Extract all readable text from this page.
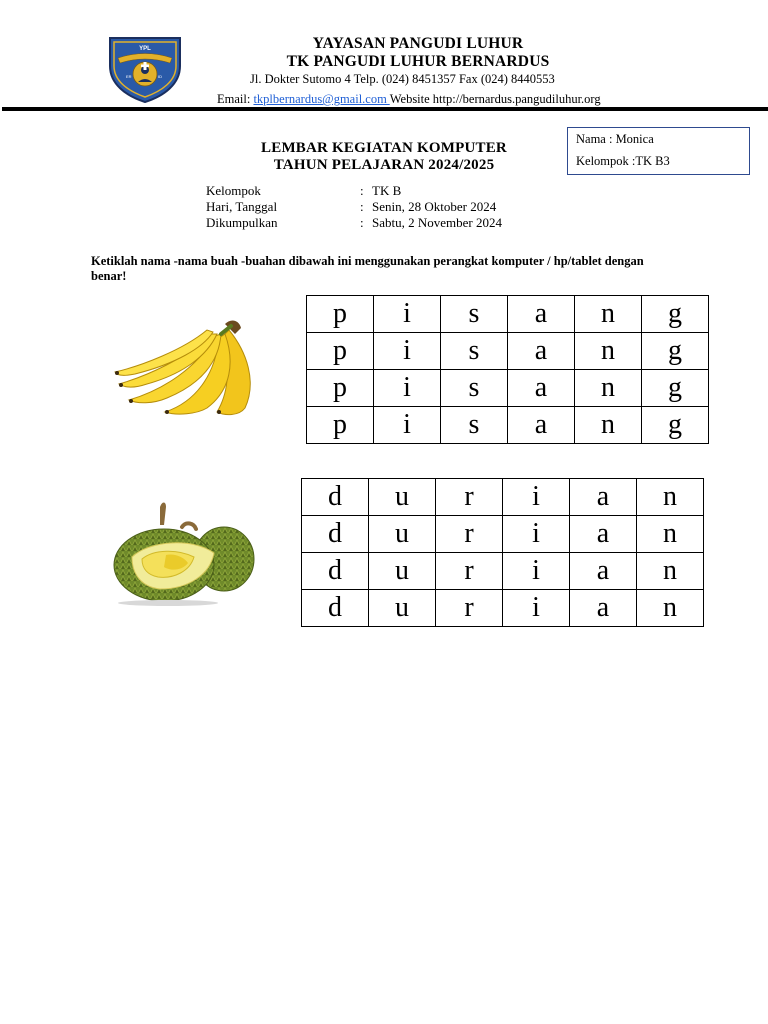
YPL
ER	ID
YAYASAN PANGUDI LUHUR
TK PANGUDI LUHUR BERNARDUS
Jl. Dokter Sutomo 4 Telp. (024) 8451357 Fax (024) 8440553
Email: tkplbernardus@gmail.com Website http://bernardus.pangudiluhur.org
Nama : Monica
Kelompok :TK B3
LEMBAR KEGIATAN KOMPUTER
TAHUN PELAJARAN 2024/2025
Kelompok	: TK B
Hari, Tanggal	: Senin, 28 Oktober 2024
Dikumpulkan	: Sabtu, 2 November 2024
Ketiklah nama -nama buah -buahan dibawah ini menggunakan perangkat komputer / hp/tablet dengan benar!
p	i	s	a	n	g
p	i	s	a	n	g
p	i	s	a	n	g
p	i	s	a	n	g
d	u	r	i	a	n
d	u	r	i	a	n
d	u	r	i	a	n
d	u	r	i	a	n
